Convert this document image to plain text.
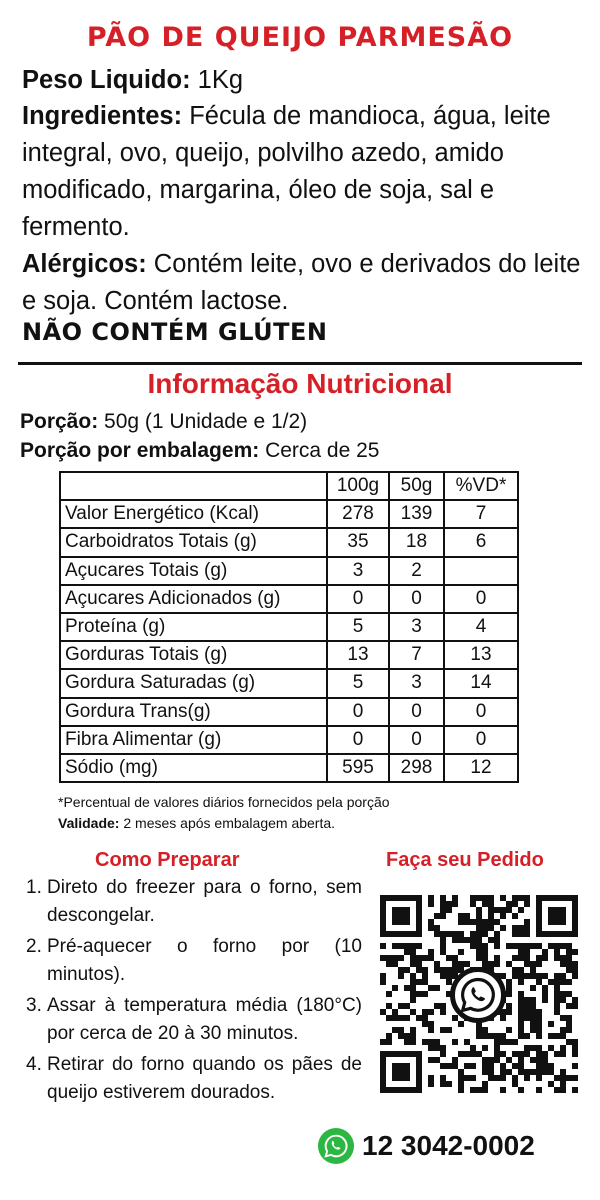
PÃO DE QUEIJO PARMESÃO
Peso Liquido: 1Kg
Ingredientes: Fécula de mandioca, água, leite integral, ovo, queijo, polvilho azedo, amido modificado, margarina, óleo de soja, sal e fermento.
Alérgicos: Contém leite, ovo e derivados do leite e soja. Contém lactose.
NÃO CONTÉM GLÚTEN
Informação Nutricional
Porção: 50g (1 Unidade e 1/2)
Porção por embalagem: Cerca de 25
	100g	50g	%VD*
Valor Energético (Kcal)	278	139	7
Carboidratos Totais (g)	35	18	6
Açucares Totais (g)	3	2	
Açucares Adicionados (g)	0	0	0
Proteína (g)	5	3	4
Gorduras Totais (g)	13	7	13
Gordura Saturadas (g)	5	3	14
Gordura Trans(g)	0	0	0
Fibra Alimentar (g)	0	0	0
Sódio (mg)	595	298	12
*Percentual de valores diários fornecidos pela porção
Validade: 2 meses após embalagem aberta.
Como Preparar
1. Direto do freezer para o forno, sem descongelar.
2. Pré-aquecer o forno por (10 minutos).
3. Assar à temperatura média (180°C) por cerca de 20 à 30 minutos.
4. Retirar do forno quando os pães de queijo estiverem dourados.
Faça seu Pedido
12 3042-0002
